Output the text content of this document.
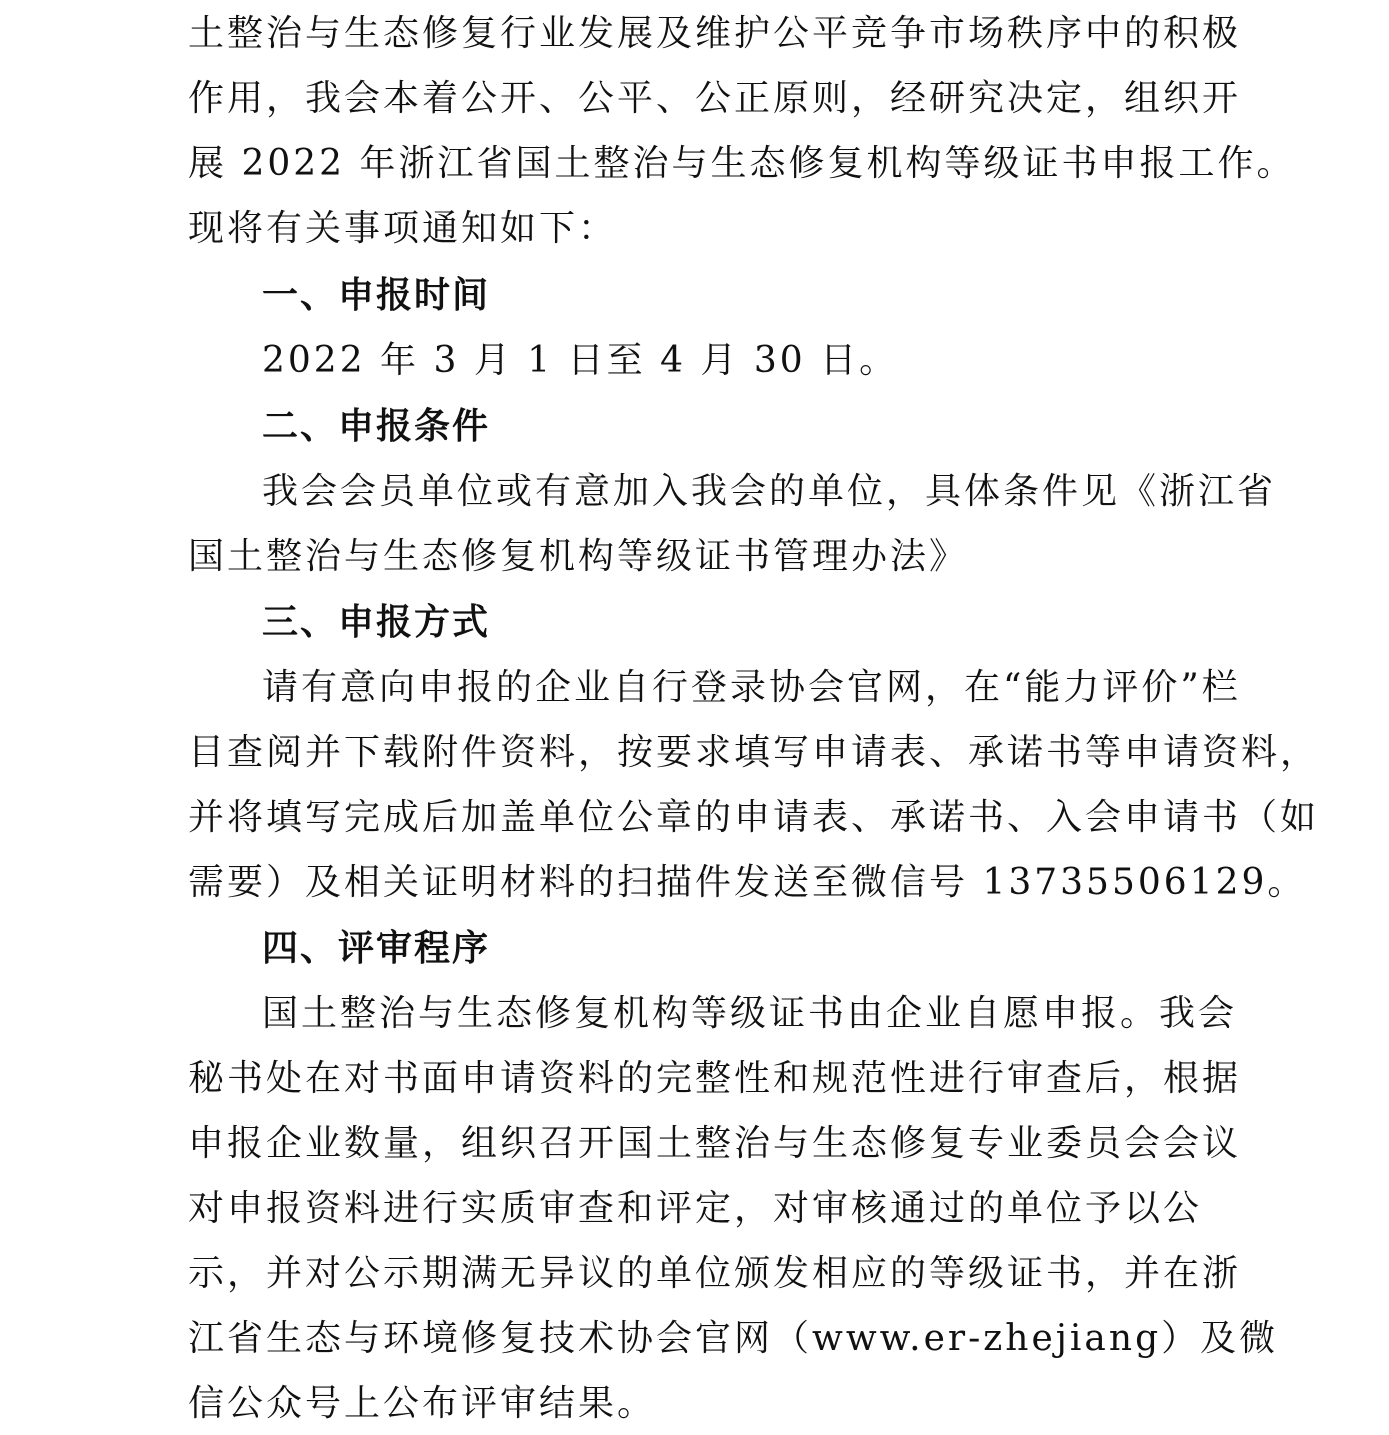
土整治与生态修复行业发展及维护公平竞争市场秩序中的积极
作用，我会本着公开、公平、公正原则，经研究决定，组织开
展 2022 年浙江省国土整治与生态修复机构等级证书申报工作。
现将有关事项通知如下：
一、申报时间
2022 年 3 月 1 日至 4 月 30 日。
二、申报条件
我会会员单位或有意加入我会的单位，具体条件见《浙江省
国土整治与生态修复机构等级证书管理办法》
三、申报方式
请有意向申报的企业自行登录协会官网，在“能力评价”栏
目查阅并下载附件资料，按要求填写申请表、承诺书等申请资料，
并将填写完成后加盖单位公章的申请表、承诺书、入会申请书（如
需要）及相关证明材料的扫描件发送至微信号 13735506129。
四、评审程序
国土整治与生态修复机构等级证书由企业自愿申报。我会
秘书处在对书面申请资料的完整性和规范性进行审查后，根据
申报企业数量，组织召开国土整治与生态修复专业委员会会议
对申报资料进行实质审查和评定，对审核通过的单位予以公
示，并对公示期满无异议的单位颁发相应的等级证书，并在浙
江省生态与环境修复技术协会官网（www.er-zhejiang）及微
信公众号上公布评审结果。
